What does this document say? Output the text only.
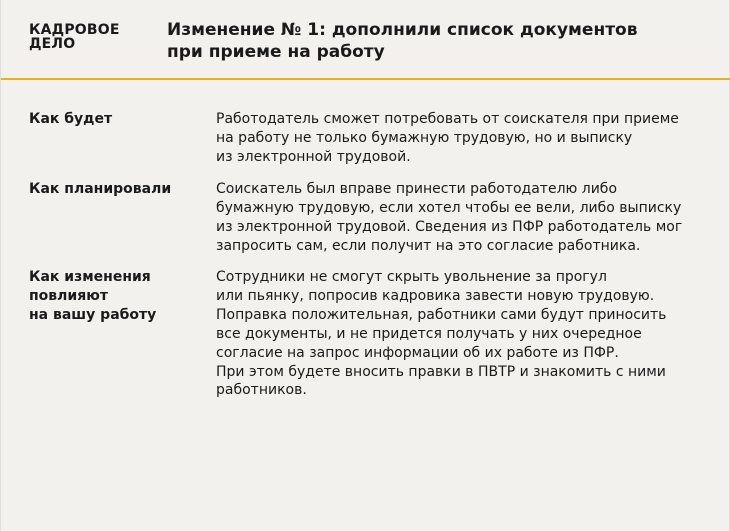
КАДРОВОЕ
ДЕЛО
Изменение № 1: дополнили список документов
при приеме на работу
Как будет	Работодатель сможет потребовать от соискателя при приеме
на работу не только бумажную трудовую, но и выписку
из электронной трудовой.
Как планировали	Соискатель был вправе принести работодателю либо
бумажную трудовую, если хотел чтобы ее вели, либо выписку
из электронной трудовой. Сведения из ПФР работодатель мог
запросить сам, если получит на это согласие работника.
Как изменения
повлияют
на вашу работу
Сотрудники не смогут скрыть увольнение за прогул
или пьянку, попросив кадровика завести новую трудовую.
Поправка положительная, работники сами будут приносить
все документы, и не придется получать у них очередное
согласие на запрос информации об их работе из ПФР.
При этом будете вносить правки в ПВТР и знакомить с ними
работников.
